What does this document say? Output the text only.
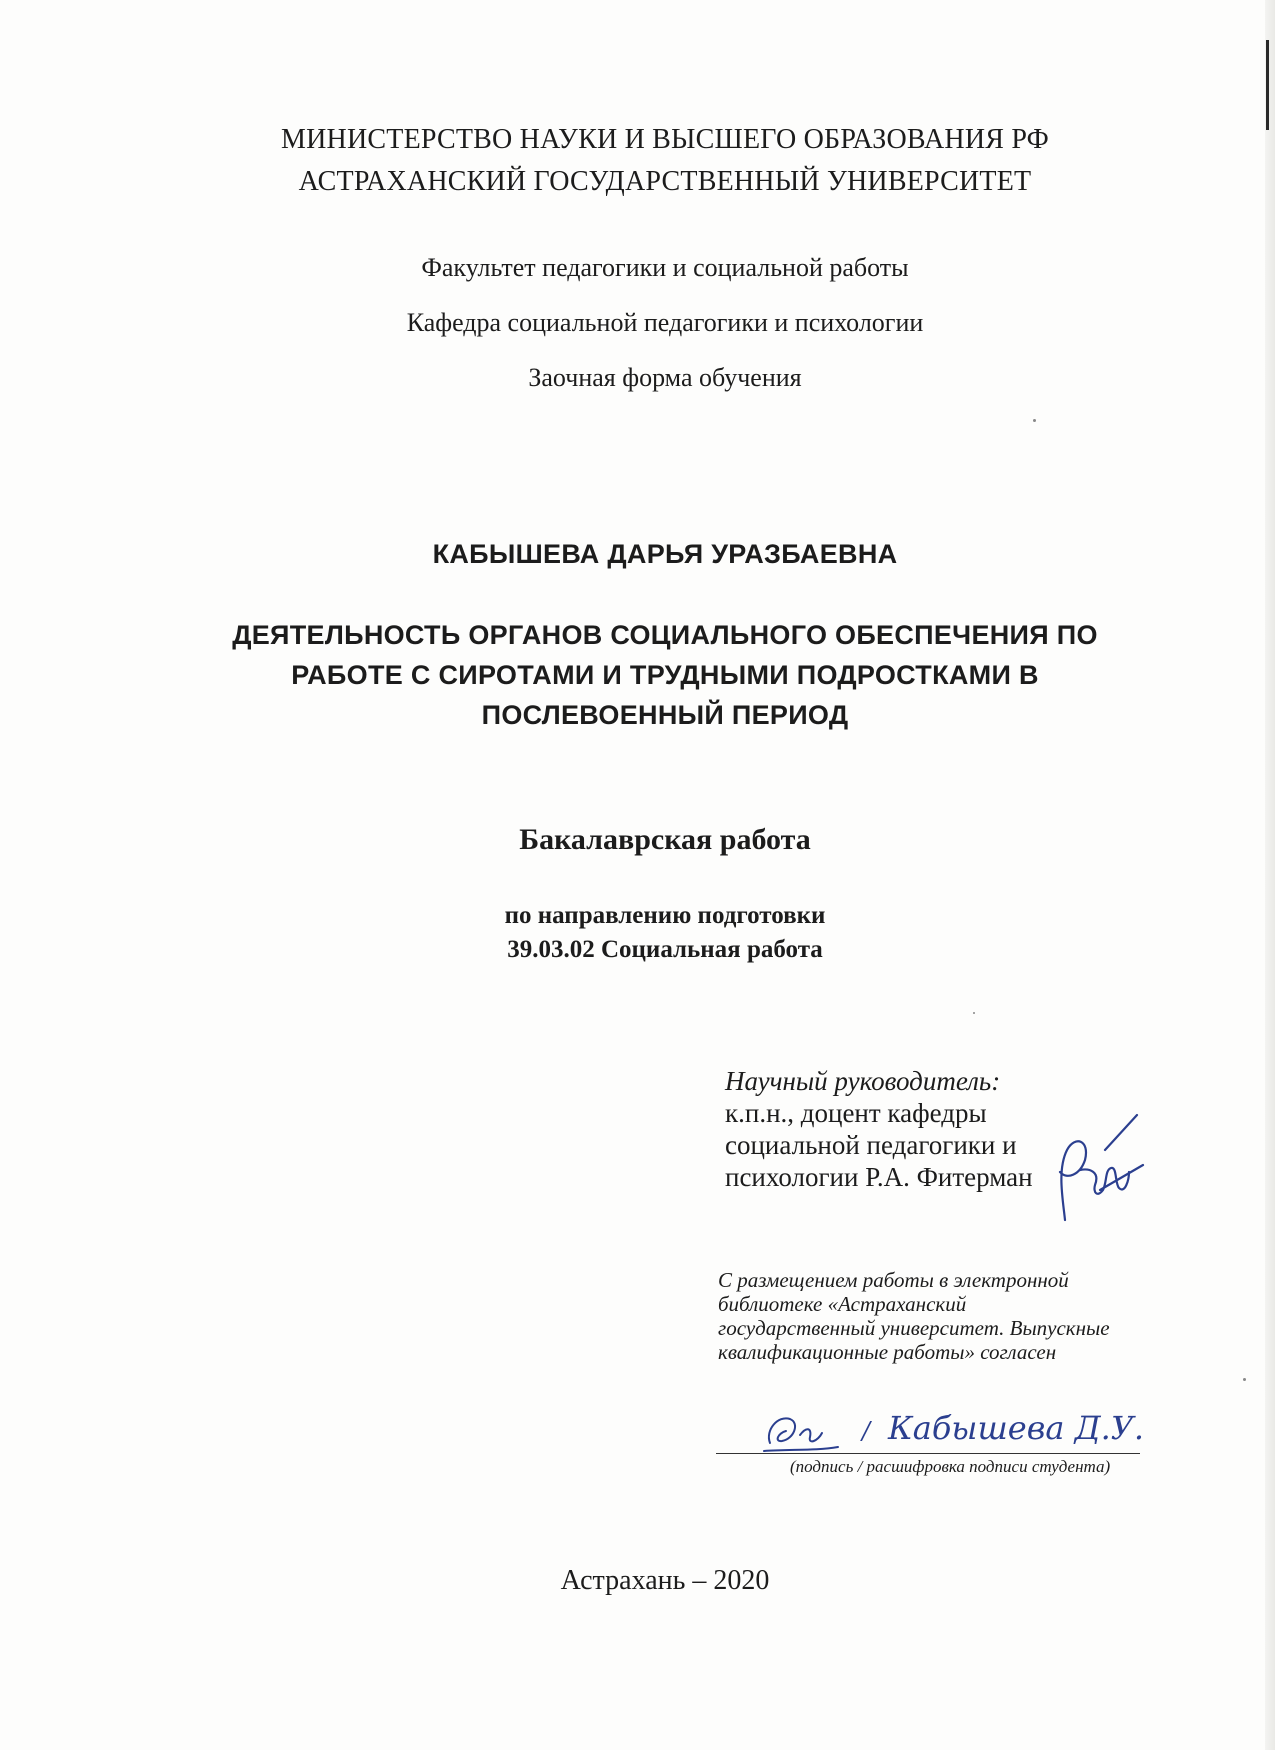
МИНИСТЕРСТВО НАУКИ И ВЫСШЕГО ОБРАЗОВАНИЯ РФ
АСТРАХАНСКИЙ ГОСУДАРСТВЕННЫЙ УНИВЕРСИТЕТ
Факультет педагогики и социальной работы
Кафедра социальной педагогики и психологии
Заочная форма обучения
КАБЫШЕВА ДАРЬЯ УРАЗБАЕВНА
ДЕЯТЕЛЬНОСТЬ ОРГАНОВ СОЦИАЛЬНОГО ОБЕСПЕЧЕНИЯ ПО
РАБОТЕ С СИРОТАМИ И ТРУДНЫМИ ПОДРОСТКАМИ В
ПОСЛЕВОЕННЫЙ ПЕРИОД
Бакалаврская работа
по направлению подготовки
39.03.02 Социальная работа
Научный руководитель:
к.п.н., доцент кафедры
социальной педагогики и
психологии Р.А. Фитерман
С размещением работы в электронной
библиотеке «Астраханский
государственный университет. Выпускные
квалификационные работы» согласен
/ Кабышева Д.У.
(подпись / расшифровка подписи студента)
Астрахань – 2020
